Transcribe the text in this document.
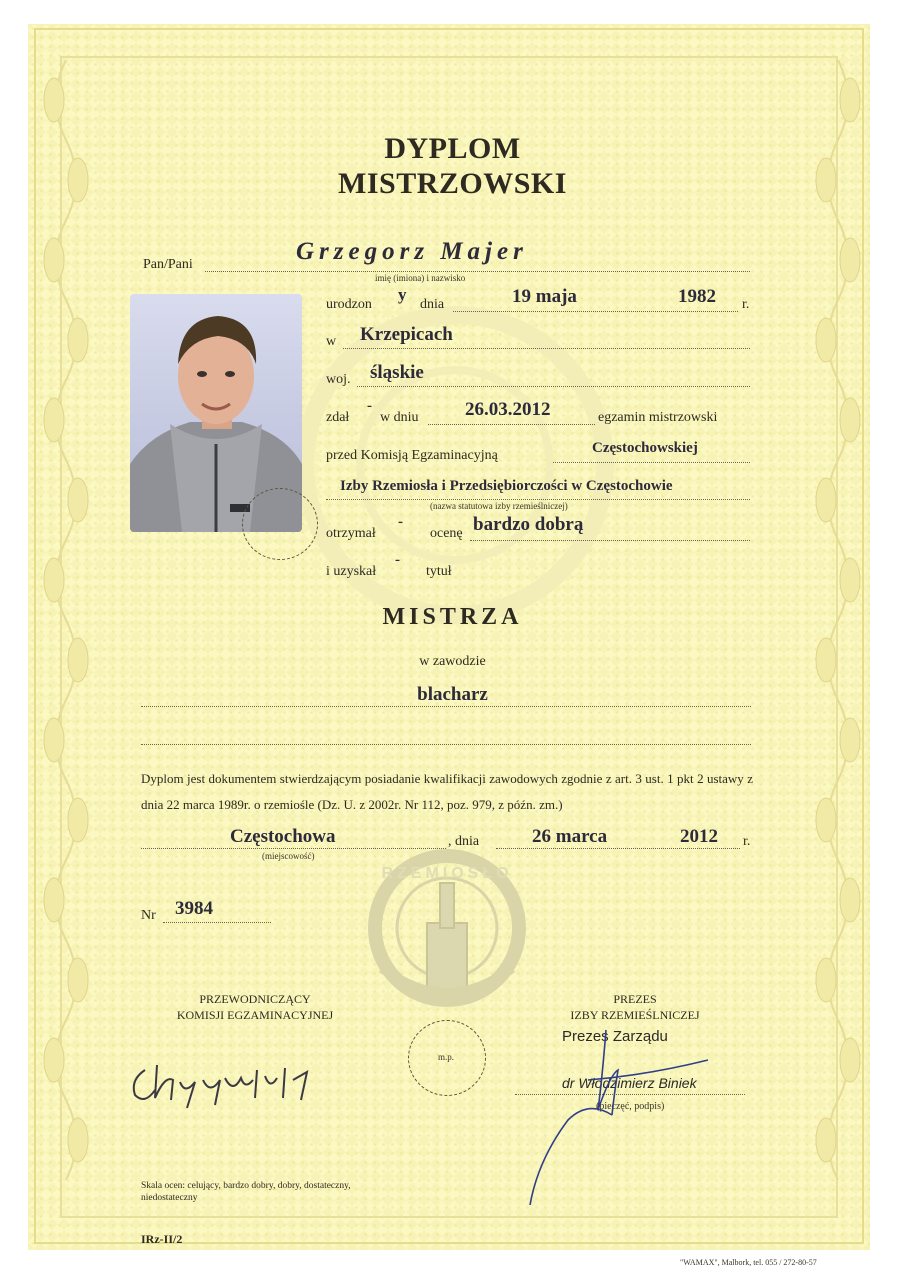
DYPLOM
MISTRZOWSKI
Pan/Pani	Grzegorz Majer
imię (imiona) i nazwisko
urodzon
y
dnia	19 maja	1982 r.
w Krzepicach
woj. śląskie
zdał
-
w dniu 26.03.2012	egzamin mistrzowski
przed Komisją Egzaminacyjną	Częstochowskiej
Izby Rzemiosła i Przedsiębiorczości w Częstochowie
(nazwa statutowa izby rzemieślniczej)
otrzymał
-
ocenę bardzo dobrą
i uzyskał
-
tytuł
MISTRZA
w zawodzie
blacharz
Dyplom jest dokumentem stwierdzającym posiadanie kwalifikacji zawodowych zgodnie z art. 3 ust. 1 pkt 2 ustawy z dnia 22 marca 1989r. o rzemiośle (Dz. U. z 2002r. Nr 112, poz. 979, z późn. zm.)
Częstochowa
(miejscowość)
, dnia	26 marca	2012 r.
Nr 3984
RZEMIOSŁO
PRZEWODNICZĄCY
KOMISJI EGZAMINACYJNEJ
m.p.
PREZES
IZBY RZEMIEŚLNICZEJ
Prezes Zarządu
dr Włodzimierz Biniek
(pieczęć, podpis)
Skala ocen: celujący, bardzo dobry, dobry, dostateczny, niedostateczny
IRz-II/2
"WAMAX", Malbork, tel. 055 / 272-80-57
